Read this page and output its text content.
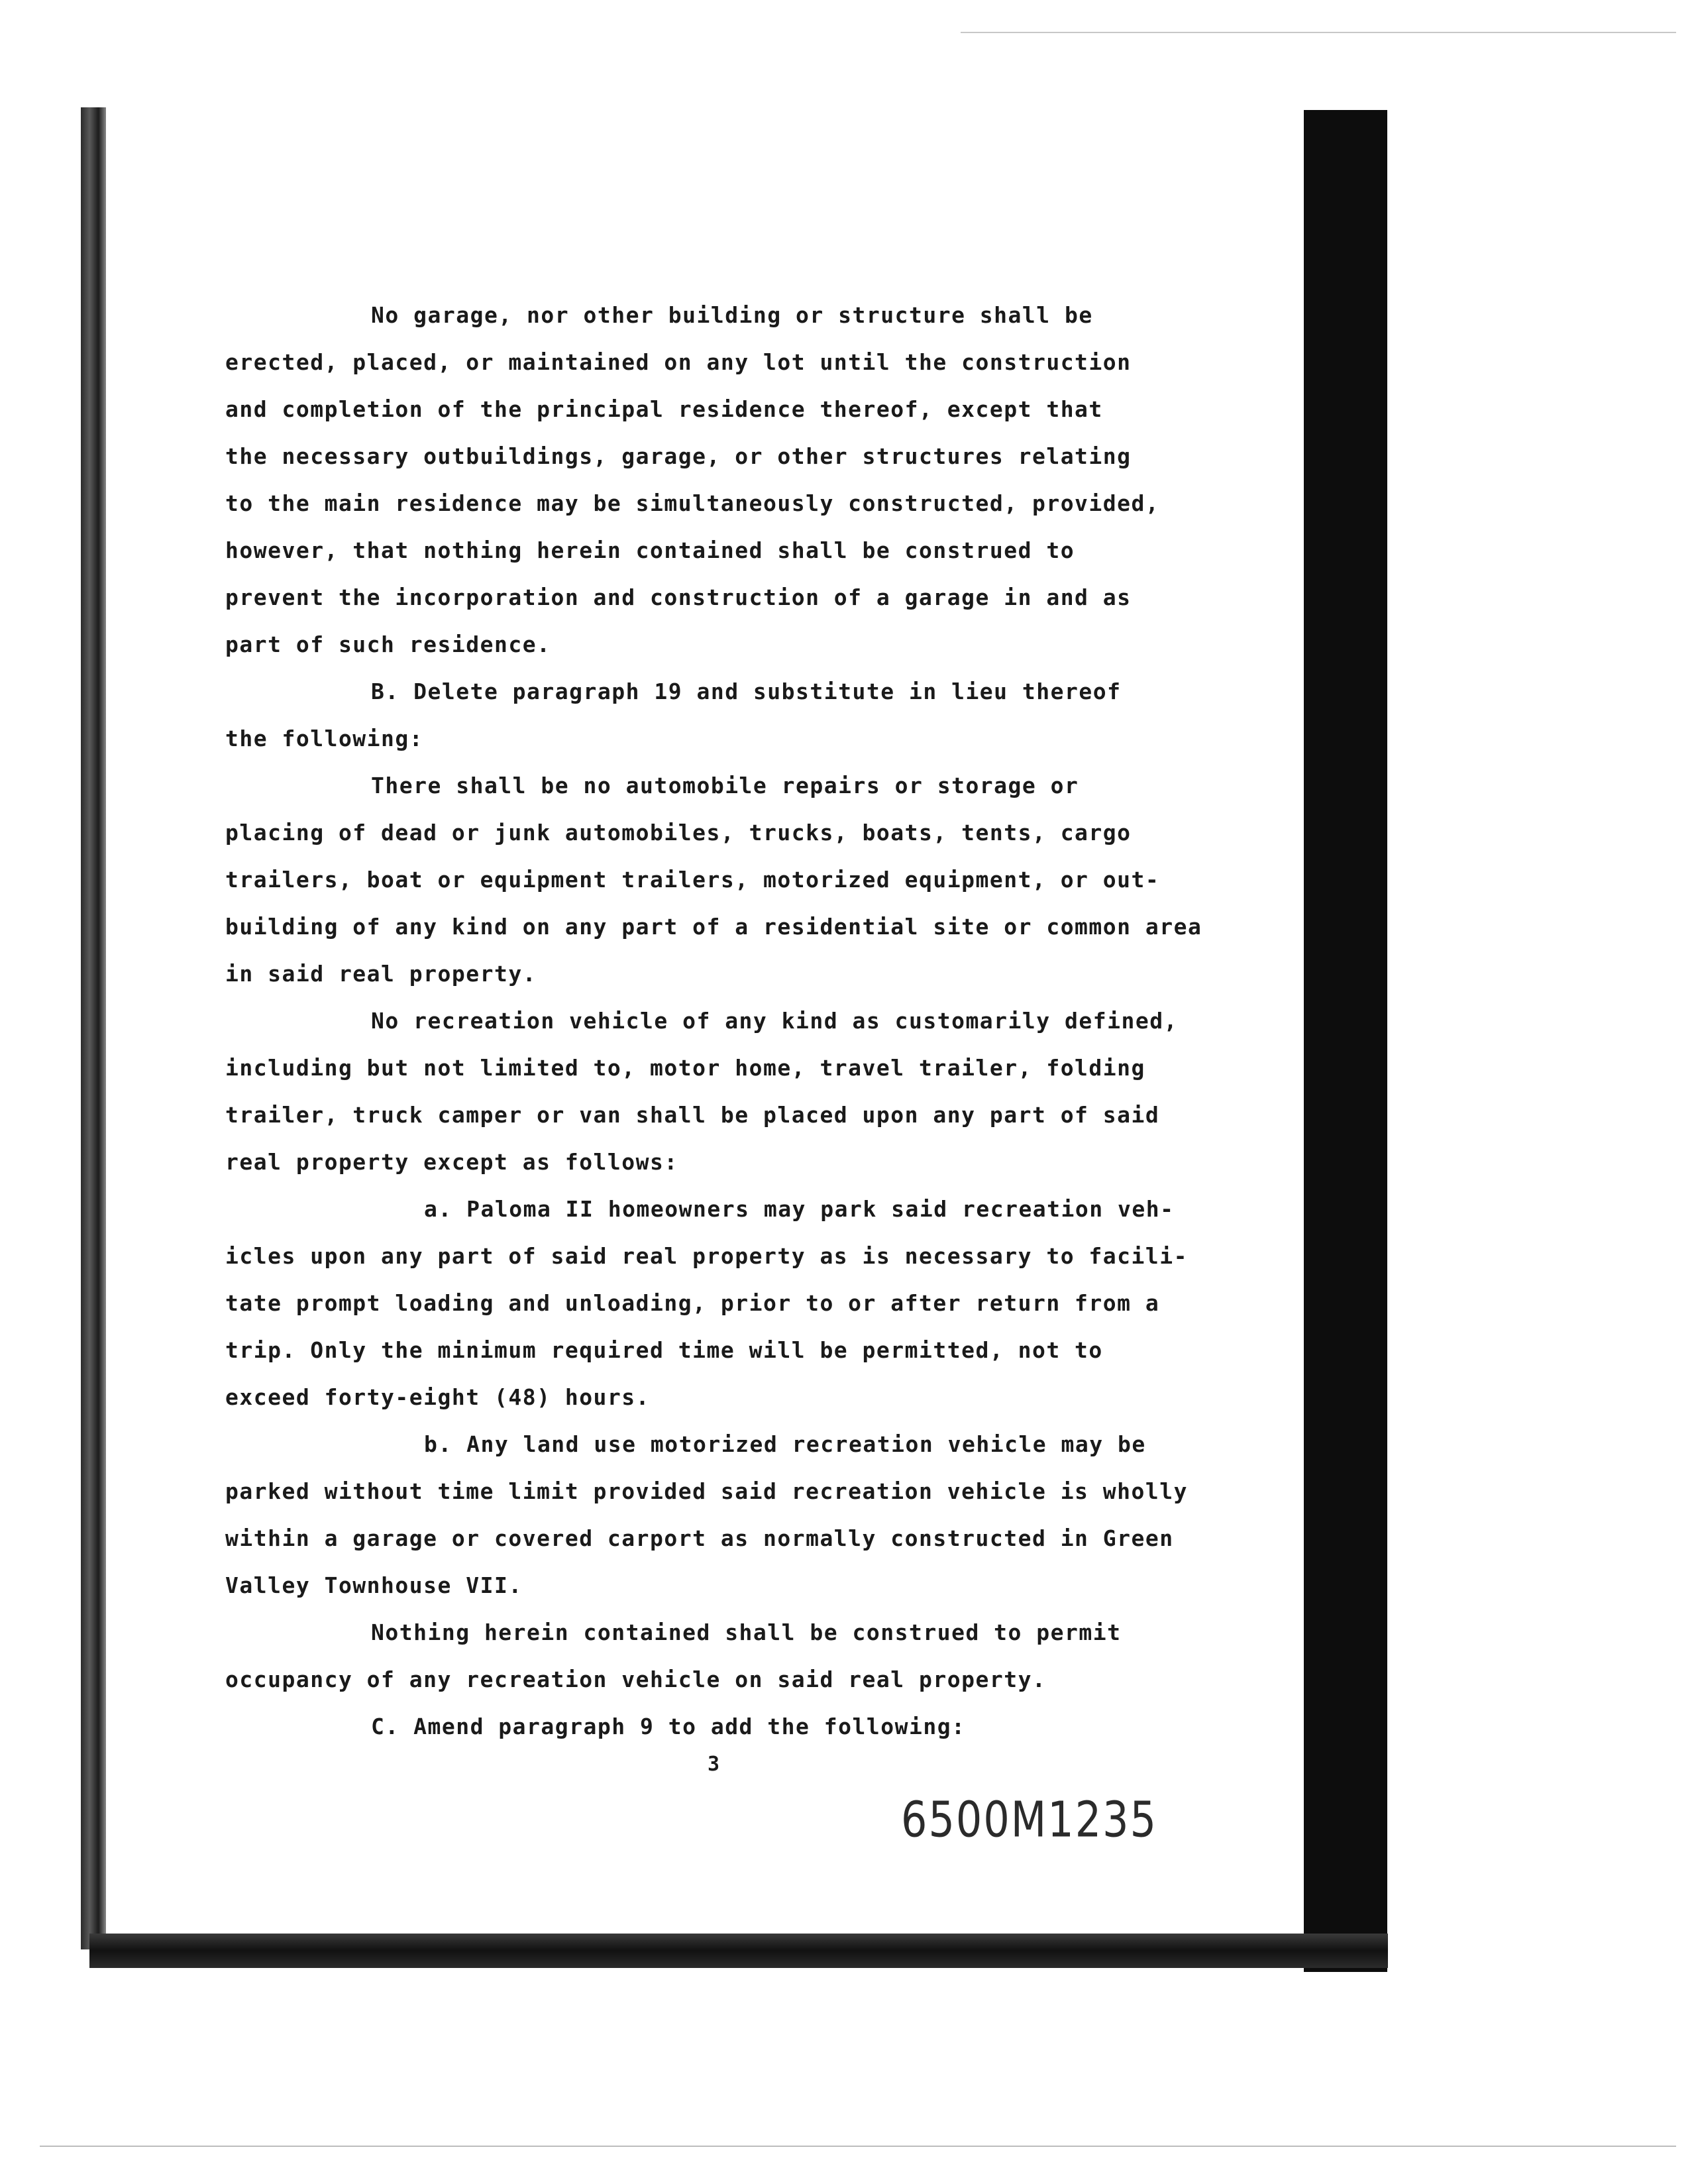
No garage, nor other building or structure shall be
erected, placed, or maintained on any lot until the construction
and completion of the principal residence thereof, except that
the necessary outbuildings, garage, or other structures relating
to the main residence may be simultaneously constructed, provided,
however, that nothing herein contained shall be construed to
prevent the incorporation and construction of a garage in and as
part of such residence.
B. Delete paragraph 19 and substitute in lieu thereof
the following:
There shall be no automobile repairs or storage or
placing of dead or junk automobiles, trucks, boats, tents, cargo
trailers, boat or equipment trailers, motorized equipment, or out-
building of any kind on any part of a residential site or common area
in said real property.
No recreation vehicle of any kind as customarily defined,
including but not limited to, motor home, travel trailer, folding
trailer, truck camper or van shall be placed upon any part of said
real property except as follows:
a. Paloma II homeowners may park said recreation veh-
icles upon any part of said real property as is necessary to facili-
tate prompt loading and unloading, prior to or after return from a
trip. Only the minimum required time will be permitted, not to
exceed forty-eight (48) hours.
b. Any land use motorized recreation vehicle may be
parked without time limit provided said recreation vehicle is wholly
within a garage or covered carport as normally constructed in Green
Valley Townhouse VII.
Nothing herein contained shall be construed to permit
occupancy of any recreation vehicle on said real property.
C. Amend paragraph 9 to add the following:
3
6500M1235
